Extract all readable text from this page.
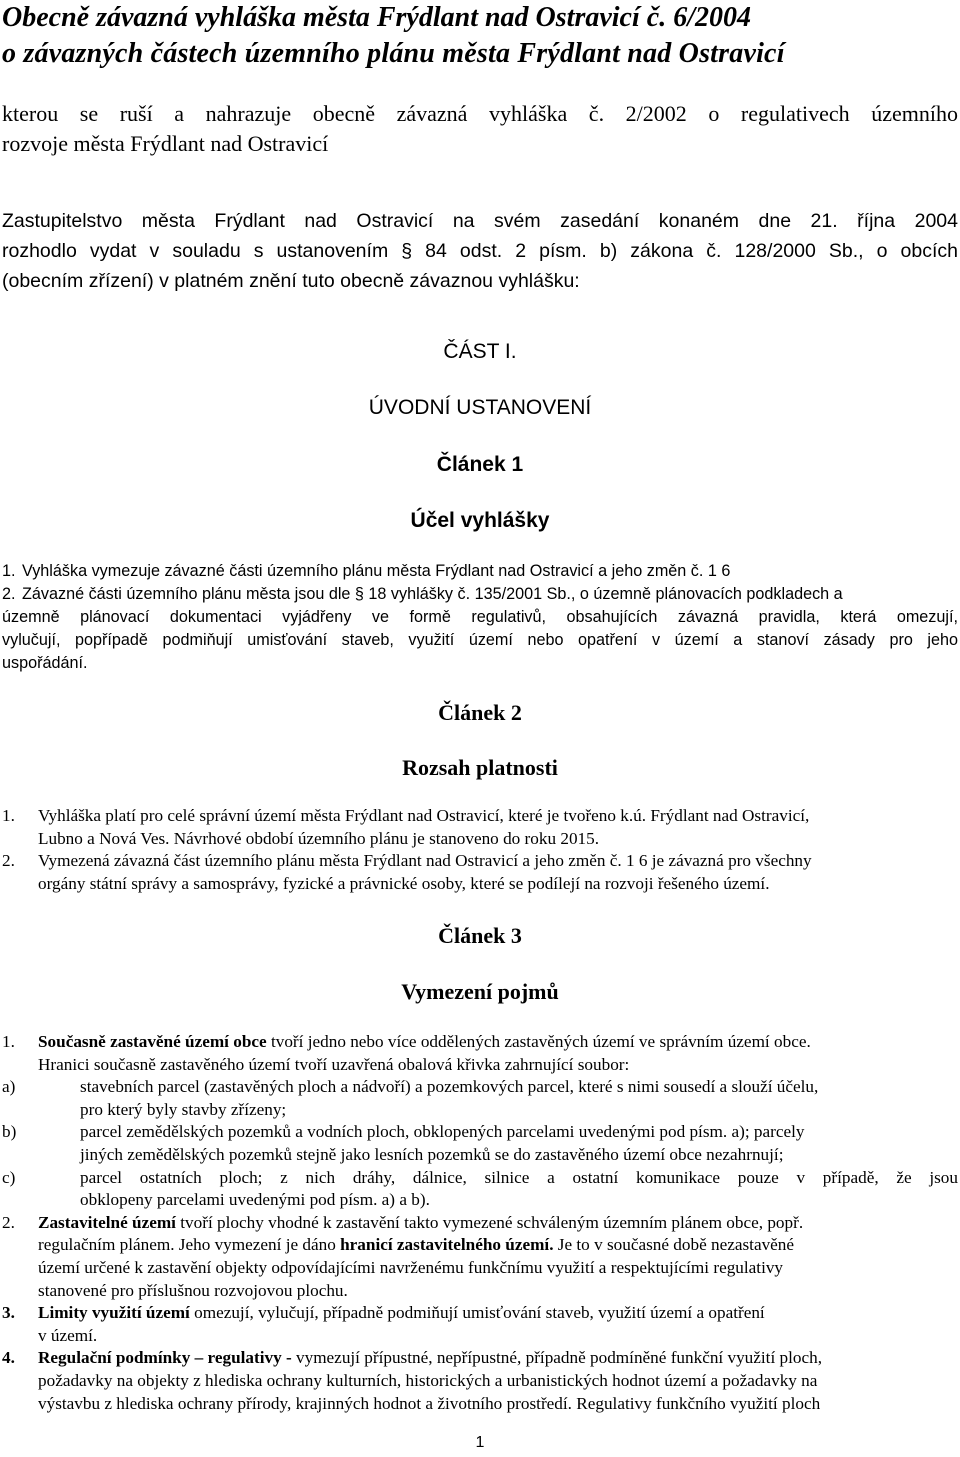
Obecně závazná vyhláška města Frýdlant nad Ostravicí č. 6/2004
o závazných částech územního plánu města Frýdlant nad Ostravicí
kterou se ruší a nahrazuje obecně závazná vyhláška č. 2/2002 o regulativech územního
rozvoje města Frýdlant nad Ostravicí
Zastupitelstvo města Frýdlant nad Ostravicí na svém zasedání konaném dne 21. října 2004
rozhodlo vydat v souladu s ustanovením § 84 odst. 2 písm. b) zákona č. 128/2000 Sb., o obcích
(obecním zřízení) v platném znění tuto obecně závaznou vyhlášku:
ČÁST I.
ÚVODNÍ USTANOVENÍ
Článek 1
Účel vyhlášky
1. Vyhláška vymezuje závazné části územního plánu města Frýdlant nad Ostravicí a jeho změn č. 1 6
2. Závazné části územního plánu města jsou dle § 18 vyhlášky č. 135/2001 Sb., o územně plánovacích podkladech a
územně plánovací dokumentaci vyjádřeny ve formě regulativů, obsahujících závazná pravidla, která omezují,
vylučují, popřípadě podmiňují umisťování staveb, využití území nebo opatření v území a stanoví zásady pro jeho
uspořádání.
Článek 2
Rozsah platnosti
1. Vyhláška platí pro celé správní území města Frýdlant nad Ostravicí, které je tvořeno k.ú. Frýdlant nad Ostravicí,
Lubno a Nová Ves. Návrhové období územního plánu je stanoveno do roku 2015.
2. Vymezená závazná část územního plánu města Frýdlant nad Ostravicí a jeho změn č. 1 6 je závazná pro všechny
orgány státní správy a samosprávy, fyzické a právnické osoby, které se podílejí na rozvoji řešeného území.
Článek 3
Vymezení pojmů
1. Současně zastavěné území obce tvoří jedno nebo více oddělených zastavěných území ve správním území obce.
Hranici současně zastavěného území tvoří uzavřená obalová křivka zahrnující soubor:
a)	stavebních parcel (zastavěných ploch a nádvoří) a pozemkových parcel, které s nimi sousedí a slouží účelu,
pro který byly stavby zřízeny;
b)	parcel zemědělských pozemků a vodních ploch, obklopených parcelami uvedenými pod písm. a); parcely
jiných zemědělských pozemků stejně jako lesních pozemků se do zastavěného území obce nezahrnují;
c)	parcel ostatních ploch; z nich dráhy, dálnice, silnice a ostatní komunikace pouze v případě, že jsou
obklopeny parcelami uvedenými pod písm. a) a b).
2. Zastavitelné území tvoří plochy vhodné k zastavění takto vymezené schváleným územním plánem obce, popř.
regulačním plánem. Jeho vymezení je dáno hranicí zastavitelného území. Je to v současné době nezastavěné
území určené k zastavění objekty odpovídajícími navrženému funkčnímu využití a respektujícími regulativy
stanovené pro příslušnou rozvojovou plochu.
3. Limity využití území omezují, vylučují, případně podmiňují umisťování staveb, využití území a opatření
v území.
4. Regulační podmínky – regulativy - vymezují přípustné, nepřípustné, případně podmíněné funkční využití ploch,
požadavky na objekty z hlediska ochrany kulturních, historických a urbanistických hodnot území a požadavky na
výstavbu z hlediska ochrany přírody, krajinných hodnot a životního prostředí. Regulativy funkčního využití ploch
1
